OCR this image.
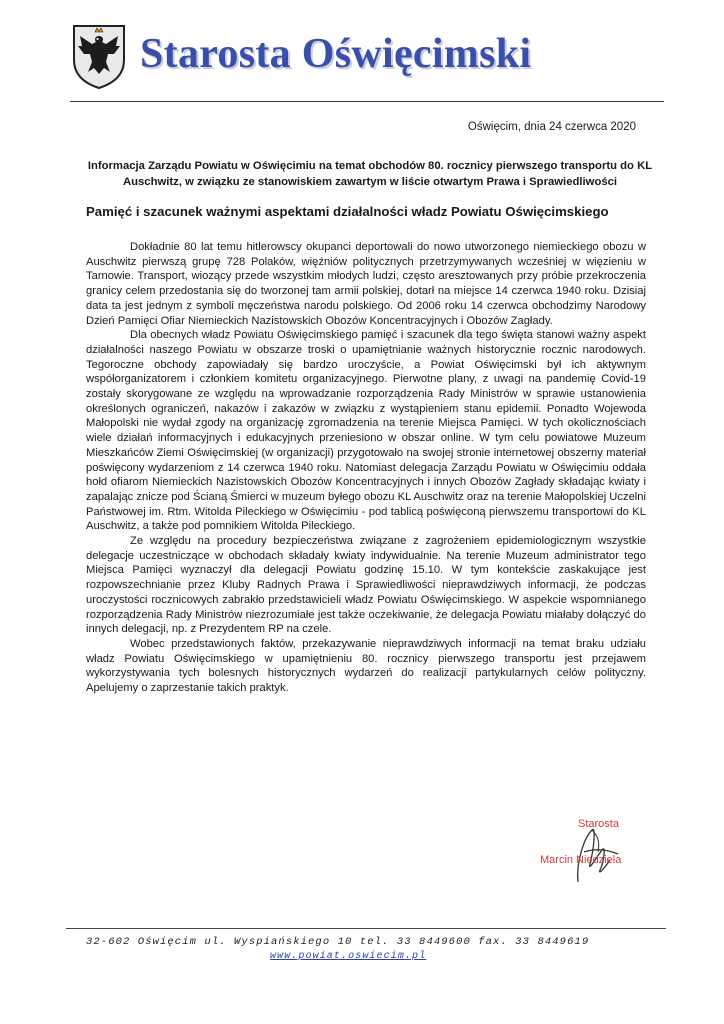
Starosta Oświęcimski
Oświęcim, dnia 24 czerwca 2020
Informacja Zarządu Powiatu w Oświęcimiu na temat obchodów 80. rocznicy pierwszego transportu do KL Auschwitz, w związku ze stanowiskiem zawartym w liście otwartym Prawa i Sprawiedliwości
Pamięć i szacunek ważnymi aspektami działalności władz Powiatu Oświęcimskiego

Dokładnie 80 lat temu hitlerowscy okupanci deportowali do nowo utworzonego niemieckiego obozu w Auschwitz pierwszą grupę 728 Polaków, więźniów politycznych przetrzymywanych wcześniej w więzieniu w Tarnowie. Transport, wiozący przede wszystkim młodych ludzi, często aresztowanych przy próbie przekroczenia granicy celem przedostania się do tworzonej tam armii polskiej, dotarł na miejsce 14 czerwca 1940 roku. Dzisiaj data ta jest jednym z symboli męczeństwa narodu polskiego. Od 2006 roku 14 czerwca obchodzimy Narodowy Dzień Pamięci Ofiar Niemieckich Nazistowskich Obozów Koncentracyjnych i Obozów Zagłady.

Dla obecnych władz Powiatu Oświęcimskiego pamięć i szacunek dla tego święta stanowi ważny aspekt działalności naszego Powiatu w obszarze troski o upamiętnianie ważnych historycznie rocznic narodowych. Tegoroczne obchody zapowiadały się bardzo uroczyście, a Powiat Oświęcimski był ich aktywnym współorganizatorem i członkiem komitetu organizacyjnego. Pierwotne plany, z uwagi na pandemię Covid-19 zostały skorygowane ze względu na wprowadzanie rozporządzenia Rady Ministrów w sprawie ustanowienia określonych ograniczeń, nakazów i zakazów w związku z wystąpieniem stanu epidemii. Ponadto Wojewoda Małopolski nie wydał zgody na organizację zgromadzenia na terenie Miejsca Pamięci. W tych okolicznościach wiele działań informacyjnych i edukacyjnych przeniesiono w obszar online. W tym celu powiatowe Muzeum Mieszkańców Ziemi Oświęcimskiej (w organizacji) przygotowało na swojej stronie internetowej obszerny materiał poświęcony wydarzeniom z 14 czerwca 1940 roku. Natomiast delegacja Zarządu Powiatu w Oświęcimiu oddała hołd ofiarom Niemieckich Nazistowskich Obozów Koncentracyjnych i innych Obozów Zagłady składając kwiaty i zapalając znicze pod Ścianą Śmierci w muzeum byłego obozu KL Auschwitz oraz na terenie Małopolskiej Uczelni Państwowej im. Rtm. Witolda Pileckiego w Oświęcimiu - pod tablicą poświęconą pierwszemu transportowi do KL Auschwitz, a także pod pomnikiem Witolda Pileckiego.

Ze względu na procedury bezpieczeństwa związane z zagrożeniem epidemiologicznym wszystkie delegacje uczestniczące w obchodach składały kwiaty indywidualnie. Na terenie Muzeum administrator tego Miejsca Pamięci wyznaczył dla delegacji Powiatu godzinę 15.10. W tym kontekście zaskakujące jest rozpowszechnianie przez Kluby Radnych Prawa i Sprawiedliwości nieprawdziwych informacji, że podczas uroczystości rocznicowych zabrakło przedstawicieli władz Powiatu Oświęcimskiego. W aspekcie wspomnianego rozporządzenia Rady Ministrów niezrozumiałe jest także oczekiwanie, że delegacja Powiatu miałaby dołączyć do innych delegacji, np. z Prezydentem RP na czele.

Wobec przedstawionych faktów, przekazywanie nieprawdziwych informacji na temat braku udziału władz Powiatu Oświęcimskiego w upamiętnieniu 80. rocznicy pierwszego transportu jest przejawem wykorzystywania tych bolesnych historycznych wydarzeń do realizacji partykularnych celów polityczny. Apelujemy o zaprzestanie takich praktyk.

Starosta
Marcin Niedziela
32-602 Oświęcim ul. Wyspiańskiego 10 tel. 33 8449600 fax. 33 8449619
www.powiat.oswiecim.pl
